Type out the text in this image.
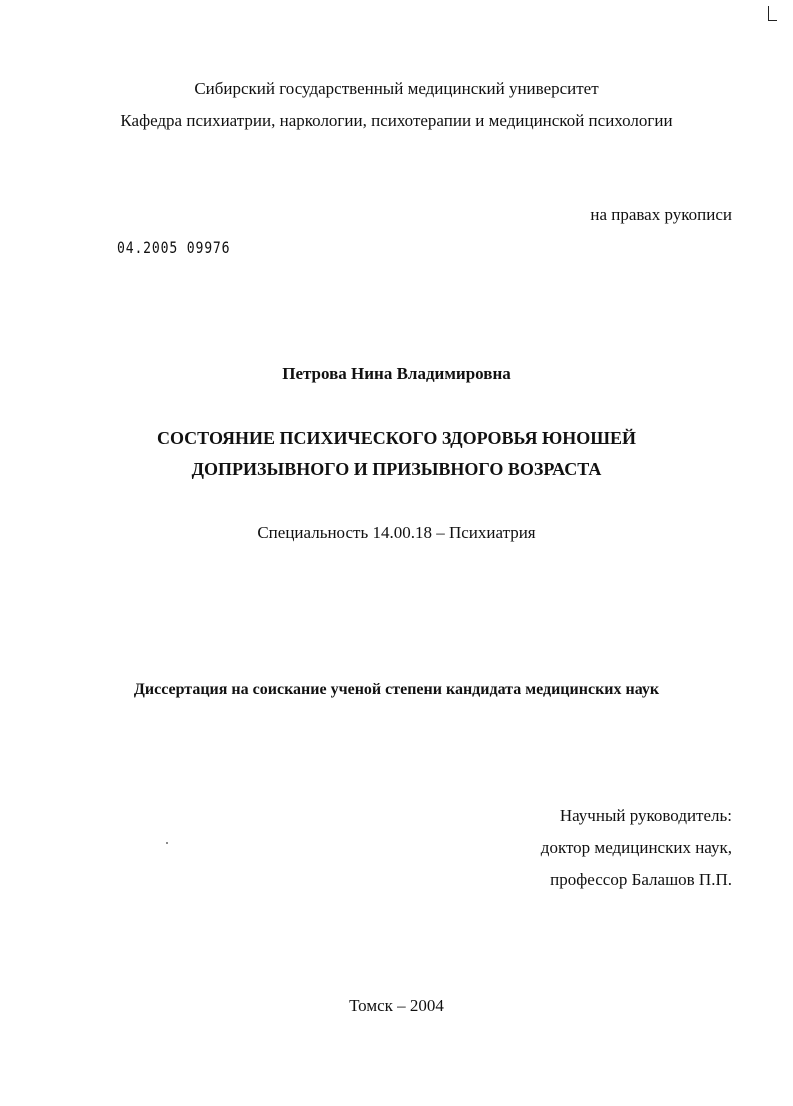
Сибирский государственный медицинский университет
Кафедра психиатрии, наркологии, психотерапии и медицинской психологии
на правах рукописи
04.2005 09976
Петрова Нина Владимировна
СОСТОЯНИЕ ПСИХИЧЕСКОГО ЗДОРОВЬЯ ЮНОШЕЙ
ДОПРИЗЫВНОГО И ПРИЗЫВНОГО ВОЗРАСТА
Специальность 14.00.18 – Психиатрия
Диссертация на соискание ученой степени кандидата медицинских наук
Научный руководитель:
доктор медицинских наук,
профессор Балашов П.П.
Томск – 2004
